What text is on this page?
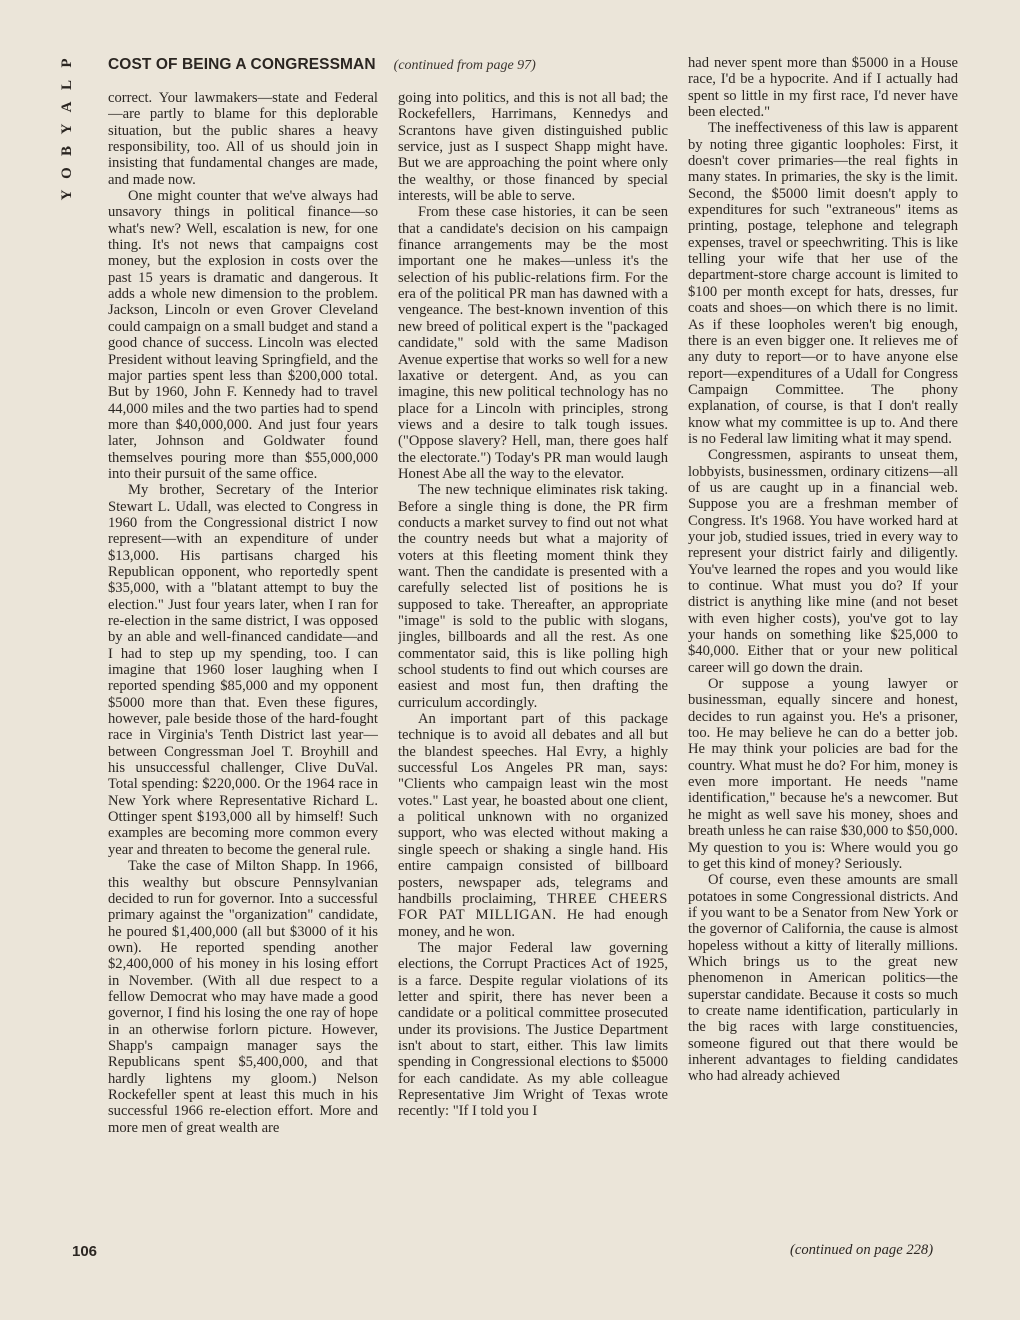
P
L
A
Y
B
O
Y
COST OF BEING A CONGRESSMAN (continued from page 97)

correct. Your lawmakers—state and Federal—are partly to blame for this deplorable situation, but the public shares a heavy responsibility, too. All of us should join in insisting that fundamental changes are made, and made now.

One might counter that we've always had unsavory things in political finance—so what's new? Well, escalation is new, for one thing. It's not news that campaigns cost money, but the explosion in costs over the past 15 years is dramatic and dangerous. It adds a whole new dimension to the problem. Jackson, Lincoln or even Grover Cleveland could campaign on a small budget and stand a good chance of success. Lincoln was elected President without leaving Springfield, and the major parties spent less than $200,000 total. But by 1960, John F. Kennedy had to travel 44,000 miles and the two parties had to spend more than $40,000,000. And just four years later, Johnson and Goldwater found themselves pouring more than $55,000,000 into their pursuit of the same office.

My brother, Secretary of the Interior Stewart L. Udall, was elected to Congress in 1960 from the Congressional district I now represent—with an expenditure of under $13,000. His partisans charged his Republican opponent, who reportedly spent $35,000, with a "blatant attempt to buy the election." Just four years later, when I ran for re-election in the same district, I was opposed by an able and well-financed candidate—and I had to step up my spending, too. I can imagine that 1960 loser laughing when I reported spending $85,000 and my opponent $5000 more than that. Even these figures, however, pale beside those of the hard-fought race in Virginia's Tenth District last year—between Congressman Joel T. Broyhill and his unsuccessful challenger, Clive DuVal. Total spending: $220,000. Or the 1964 race in New York where Representative Richard L. Ottinger spent $193,000 all by himself! Such examples are becoming more common every year and threaten to become the general rule.

Take the case of Milton Shapp. In 1966, this wealthy but obscure Pennsylvanian decided to run for governor. Into a successful primary against the "organization" candidate, he poured $1,400,000 (all but $3000 of it his own). He reported spending another $2,400,000 of his money in his losing effort in November. (With all due respect to a fellow Democrat who may have made a good governor, I find his losing the one ray of hope in an otherwise forlorn picture. However, Shapp's campaign manager says the Republicans spent $5,400,000, and that hardly lightens my gloom.) Nelson Rockefeller spent at least this much in his successful 1966 re-election effort. More and more men of great wealth are

going into politics, and this is not all bad; the Rockefellers, Harrimans, Kennedys and Scrantons have given distinguished public service, just as I suspect Shapp might have. But we are approaching the point where only the wealthy, or those financed by special interests, will be able to serve.

From these case histories, it can be seen that a candidate's decision on his campaign finance arrangements may be the most important one he makes—unless it's the selection of his public-relations firm. For the era of the political PR man has dawned with a vengeance. The best-known invention of this new breed of political expert is the "packaged candidate," sold with the same Madison Avenue expertise that works so well for a new laxative or detergent. And, as you can imagine, this new political technology has no place for a Lincoln with principles, strong views and a desire to talk tough issues. ("Oppose slavery? Hell, man, there goes half the electorate.") Today's PR man would laugh Honest Abe all the way to the elevator.

The new technique eliminates risk taking. Before a single thing is done, the PR firm conducts a market survey to find out not what the country needs but what a majority of voters at this fleeting moment think they want. Then the candidate is presented with a carefully selected list of positions he is supposed to take. Thereafter, an appropriate "image" is sold to the public with slogans, jingles, billboards and all the rest. As one commentator said, this is like polling high school students to find out which courses are easiest and most fun, then drafting the curriculum accordingly.

An important part of this package technique is to avoid all debates and all but the blandest speeches. Hal Evry, a highly successful Los Angeles PR man, says: "Clients who campaign least win the most votes." Last year, he boasted about one client, a political unknown with no organized support, who was elected without making a single speech or shaking a single hand. His entire campaign consisted of billboard posters, newspaper ads, telegrams and handbills proclaiming, THREE CHEERS FOR PAT MILLIGAN. He had enough money, and he won.

The major Federal law governing elections, the Corrupt Practices Act of 1925, is a farce. Despite regular violations of its letter and spirit, there has never been a candidate or a political committee prosecuted under its provisions. The Justice Department isn't about to start, either. This law limits spending in Congressional elections to $5000 for each candidate. As my able colleague Representative Jim Wright of Texas wrote recently: "If I told you I

had never spent more than $5000 in a House race, I'd be a hypocrite. And if I actually had spent so little in my first race, I'd never have been elected."

The ineffectiveness of this law is apparent by noting three gigantic loopholes: First, it doesn't cover primaries—the real fights in many states. In primaries, the sky is the limit. Second, the $5000 limit doesn't apply to expenditures for such "extraneous" items as printing, postage, telephone and telegraph expenses, travel or speechwriting. This is like telling your wife that her use of the department-store charge account is limited to $100 per month except for hats, dresses, fur coats and shoes—on which there is no limit. As if these loopholes weren't big enough, there is an even bigger one. It relieves me of any duty to report—or to have anyone else report—expenditures of a Udall for Congress Campaign Committee. The phony explanation, of course, is that I don't really know what my committee is up to. And there is no Federal law limiting what it may spend.

Congressmen, aspirants to unseat them, lobbyists, businessmen, ordinary citizens—all of us are caught up in a financial web. Suppose you are a freshman member of Congress. It's 1968. You have worked hard at your job, studied issues, tried in every way to represent your district fairly and diligently. You've learned the ropes and you would like to continue. What must you do? If your district is anything like mine (and not beset with even higher costs), you've got to lay your hands on something like $25,000 to $40,000. Either that or your new political career will go down the drain.

Or suppose a young lawyer or businessman, equally sincere and honest, decides to run against you. He's a prisoner, too. He may believe he can do a better job. He may think your policies are bad for the country. What must he do? For him, money is even more important. He needs "name identification," because he's a newcomer. But he might as well save his money, shoes and breath unless he can raise $30,000 to $50,000. My question to you is: Where would you go to get this kind of money? Seriously.

Of course, even these amounts are small potatoes in some Congressional districts. And if you want to be a Senator from New York or the governor of California, the cause is almost hopeless without a kitty of literally millions. Which brings us to the great new phenomenon in American politics—the superstar candidate. Because it costs so much to create name identification, particularly in the big races with large constituencies, someone figured out that there would be inherent advantages to fielding candidates who had already achieved

106	(continued on page 228)
